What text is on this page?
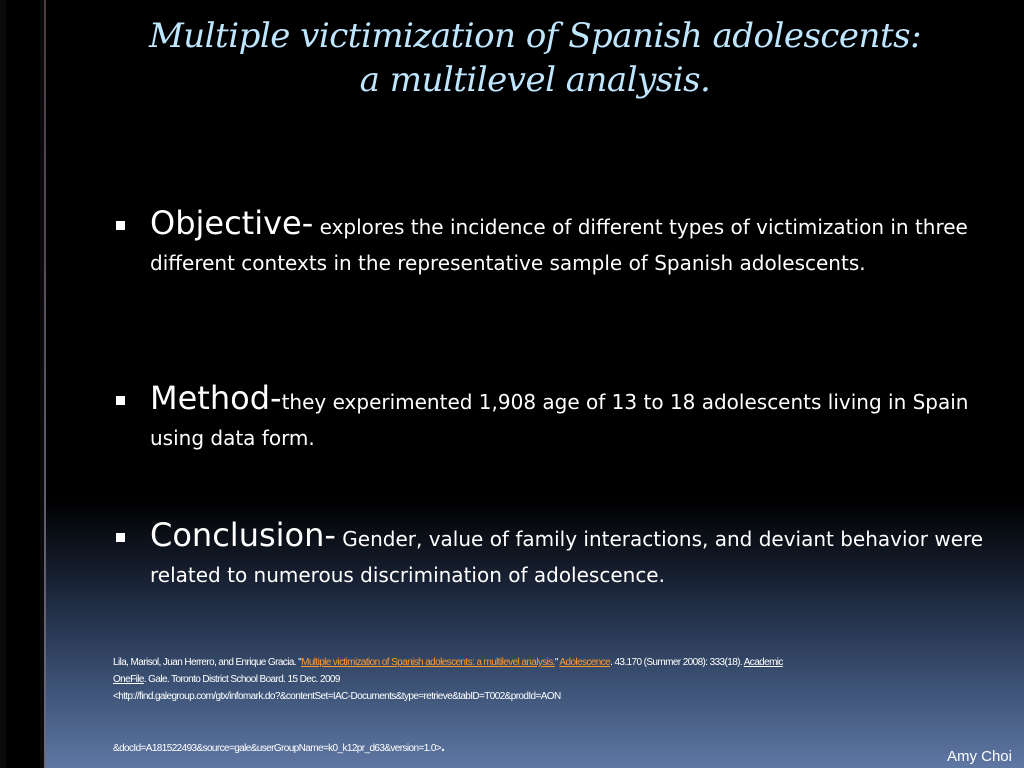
Multiple victimization of Spanish adolescents:
a multilevel analysis.
Objective- explores the incidence of different types of victimization in three different contexts in the representative sample of Spanish adolescents.
Method-they experimented 1,908 age of 13 to 18 adolescents living in Spain using data form.
Conclusion- Gender, value of family interactions, and deviant behavior were related to numerous discrimination of adolescence.
Lila, Marisol, Juan Herrero, and Enrique Gracia. "Multiple victimization of Spanish adolescents: a multilevel analysis." Adolescence. 43.170 (Summer 2008): 333(18). Academic
OneFile. Gale. Toronto District School Board. 15 Dec. 2009
<http://find.galegroup.com/gtx/infomark.do?&contentSet=IAC-Documents&type=retrieve&tabID=T002&prodId=AON
&docId=A181522493&source=gale&userGroupName=k0_k12pr_d63&version=1.0>.
Amy Choi
